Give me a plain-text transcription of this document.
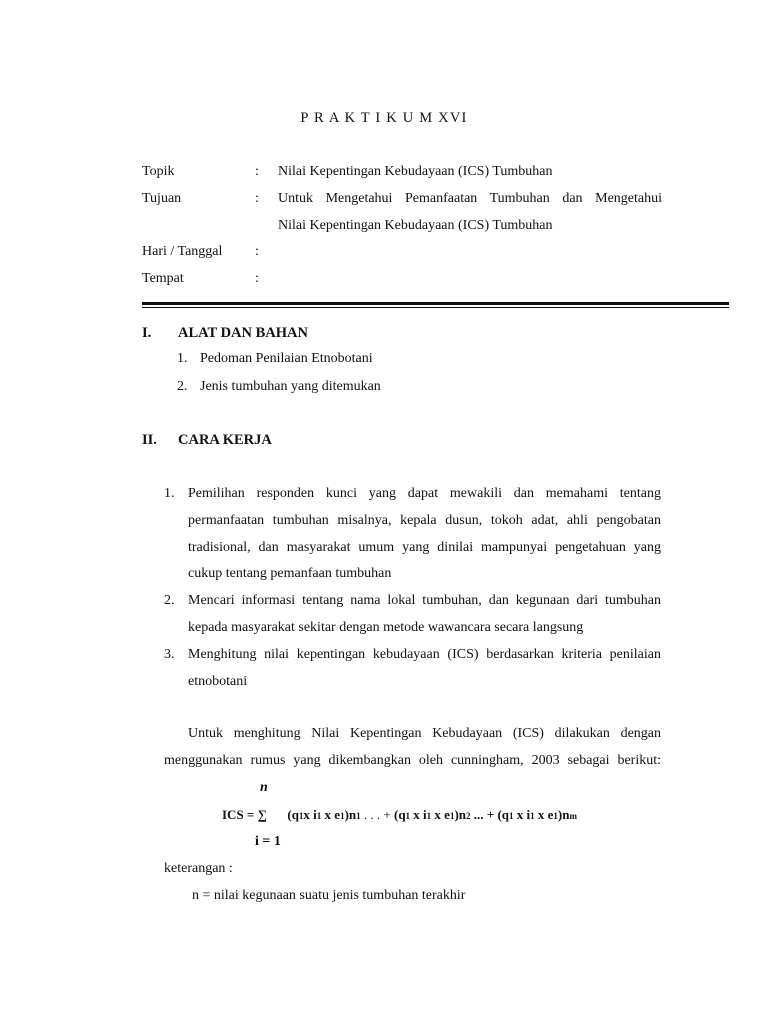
P R A K T I K U M XVI
Topik	: Nilai Kepentingan Kebudayaan (ICS) Tumbuhan
Tujuan	: Untuk Mengetahui Pemanfaatan Tumbuhan dan Mengetahui
Nilai Kepentingan Kebudayaan (ICS) Tumbuhan
Hari / Tanggal :
Tempat	:
I. ALAT DAN BAHAN
1. Pedoman Penilaian Etnobotani
2. Jenis tumbuhan yang ditemukan
II. CARA KERJA
1. Pemilihan responden kunci yang dapat mewakili dan memahami tentang
permanfaatan tumbuhan misalnya, kepala dusun, tokoh adat, ahli pengobatan
tradisional, dan masyarakat umum yang dinilai mampunyai pengetahuan yang
cukup tentang pemanfaan tumbuhan
2. Mencari informasi tentang nama lokal tumbuhan, dan kegunaan dari tumbuhan
kepada masyarakat sekitar dengan metode wawancara secara langsung
3. Menghitung nilai kepentingan kebudayaan (ICS) berdasarkan kriteria penilaian
etnobotani
Untuk menghitung Nilai Kepentingan Kebudayaan (ICS) dilakukan dengan
menggunakan rumus yang dikembangkan oleh cunningham, 2003 sebagai berikut:
n
ICS = ∑ (q1x i1 x e1)n1 . . . + (q1 x i1 x e1)n2 ... + (q1 x i1 x e1)nm
i = 1
keterangan :
n = nilai kegunaan suatu jenis tumbuhan terakhir
